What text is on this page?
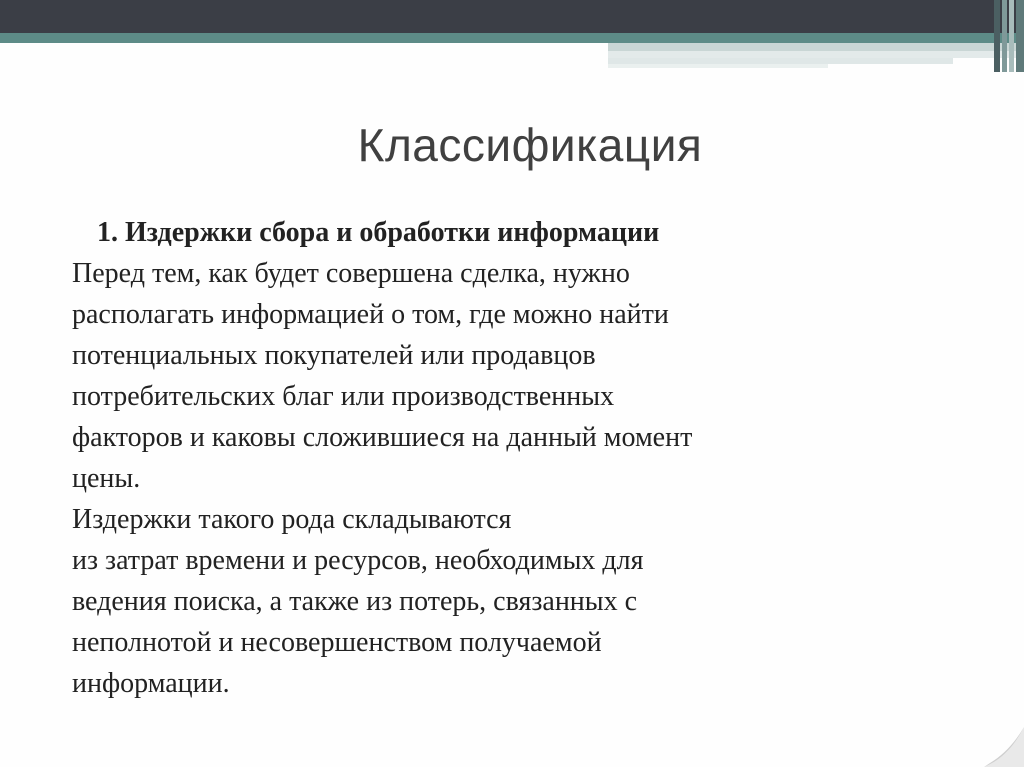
Классификация
1. Издержки сбора и обработки информации

Перед тем, как будет совершена сделка, нужно

располагать информацией о том, где можно найти

потенциальных покупателей или продавцов

потребительских благ или производственных

факторов и каковы сложившиеся на данный момент

цены.

Издержки такого рода складываются

из затрат времени и ресурсов, необходимых для

ведения поиска, а также из потерь, связанных с

неполнотой и несовершенством получаемой

информации.
